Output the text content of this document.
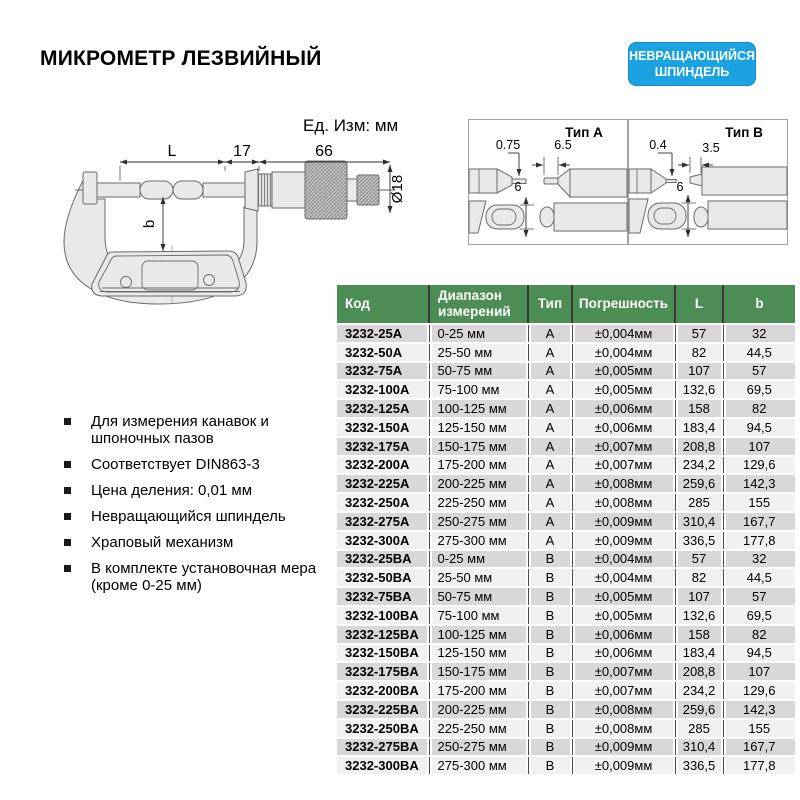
МИКРОМЕТР ЛЕЗВИЙНЫЙ	НЕВРАЩАЮЩИЙСЯ
ШПИНДЕЛЬ
Ед. Изм: мм
L	17	66
Ø18
b
Тип A
0.75	6.5
6
Тип B
0.4	3.5
6
Для измерения канавок и шпоночных пазов
Соответствует DIN863-3
Цена деления: 0,01 мм
Невращающийся шпиндель
Храповый механизм
В комплекте установочная мера (кроме 0-25 мм)
Код	Диапазон измерений	Тип	Погрешность	L	b
3232-25A	0-25 мм	A	±0,004мм	57	32
3232-50A	25-50 мм	A	±0,004мм	82	44,5
3232-75A	50-75 мм	A	±0,005мм	107	57
3232-100A	75-100 мм	A	±0,005мм	132,6	69,5
3232-125A	100-125 мм	A	±0,006мм	158	82
3232-150A	125-150 мм	A	±0,006мм	183,4	94,5
3232-175A	150-175 мм	A	±0,007мм	208,8	107
3232-200A	175-200 мм	A	±0,007мм	234,2	129,6
3232-225A	200-225 мм	A	±0,008мм	259,6	142,3
3232-250A	225-250 мм	A	±0,008мм	285	155
3232-275A	250-275 мм	A	±0,009мм	310,4	167,7
3232-300A	275-300 мм	A	±0,009мм	336,5	177,8
3232-25BA	0-25 мм	B	±0,004мм	57	32
3232-50BA	25-50 мм	B	±0,004мм	82	44,5
3232-75BA	50-75 мм	B	±0,005мм	107	57
3232-100BA	75-100 мм	B	±0,005мм	132,6	69,5
3232-125BA	100-125 мм	B	±0,006мм	158	82
3232-150BA	125-150 мм	B	±0,006мм	183,4	94,5
3232-175BA	150-175 мм	B	±0,007мм	208,8	107
3232-200BA	175-200 мм	B	±0,007мм	234,2	129,6
3232-225BA	200-225 мм	B	±0,008мм	259,6	142,3
3232-250BA	225-250 мм	B	±0,008мм	285	155
3232-275BA	250-275 мм	B	±0,009мм	310,4	167,7
3232-300BA	275-300 мм	B	±0,009мм	336,5	177,8
